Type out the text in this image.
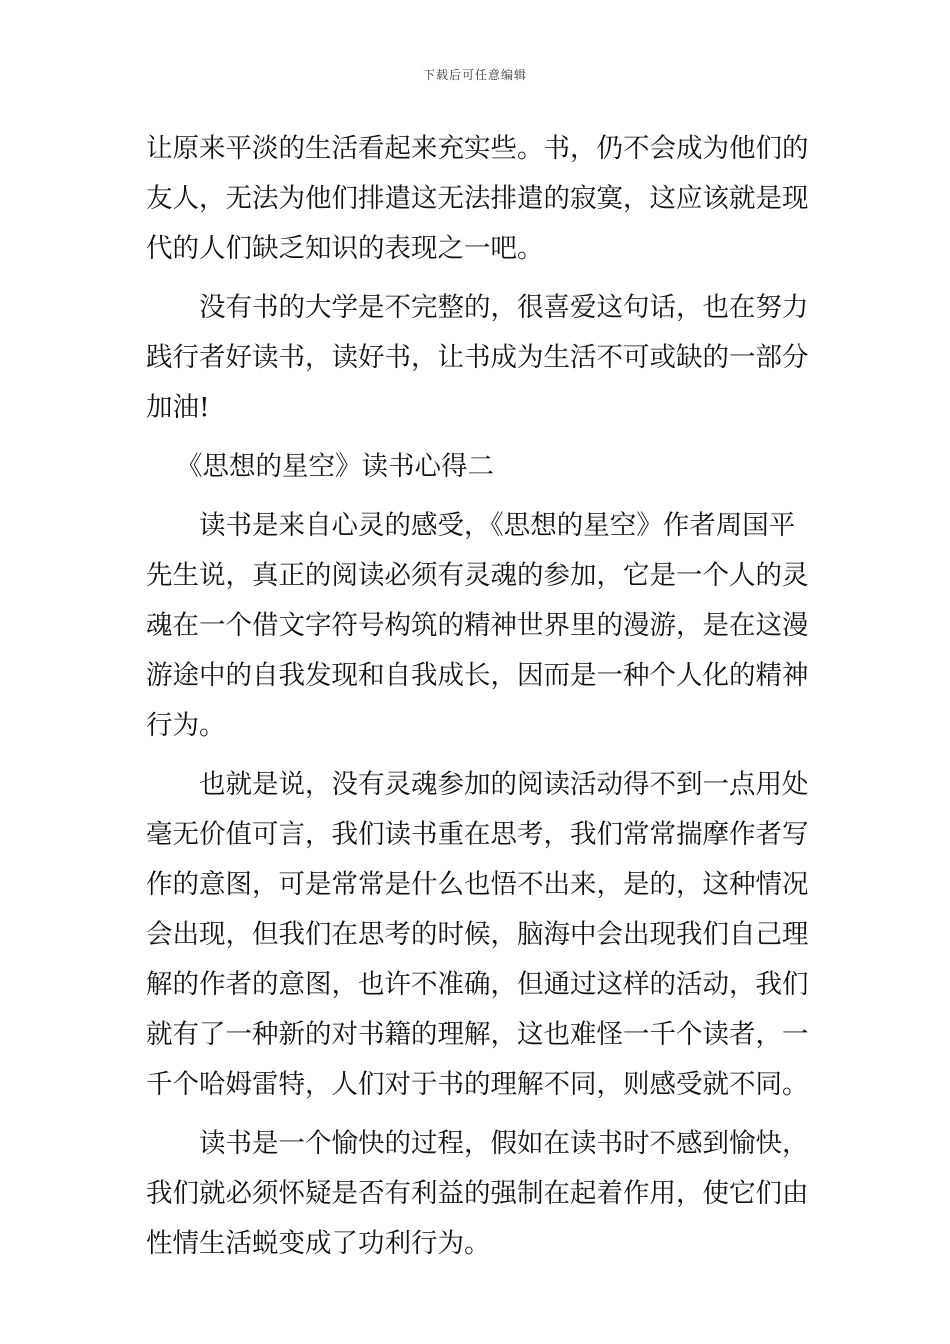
下载后可任意编辑
让原来平淡的生活看起来充实些。书，仍不会成为他们的
友人，无法为他们排遣这无法排遣的寂寞，这应该就是现
代的人们缺乏知识的表现之一吧。
没有书的大学是不完整的，很喜爱这句话，也在努力
践行者好读书，读好书，让书成为生活不可或缺的一部分
加油!
《思想的星空》读书心得二
读书是来自心灵的感受，《思想的星空》作者周国平
先生说，真正的阅读必须有灵魂的参加，它是一个人的灵
魂在一个借文字符号构筑的精神世界里的漫游，是在这漫
游途中的自我发现和自我成长，因而是一种个人化的精神
行为。
也就是说，没有灵魂参加的阅读活动得不到一点用处
毫无价值可言，我们读书重在思考，我们常常揣摩作者写
作的意图，可是常常是什么也悟不出来，是的，这种情况
会出现，但我们在思考的时候，脑海中会出现我们自己理
解的作者的意图，也许不准确，但通过这样的活动，我们
就有了一种新的对书籍的理解，这也难怪一千个读者，一
千个哈姆雷特，人们对于书的理解不同，则感受就不同。
读书是一个愉快的过程，假如在读书时不感到愉快，
我们就必须怀疑是否有利益的强制在起着作用，使它们由
性情生活蜕变成了功利行为。
